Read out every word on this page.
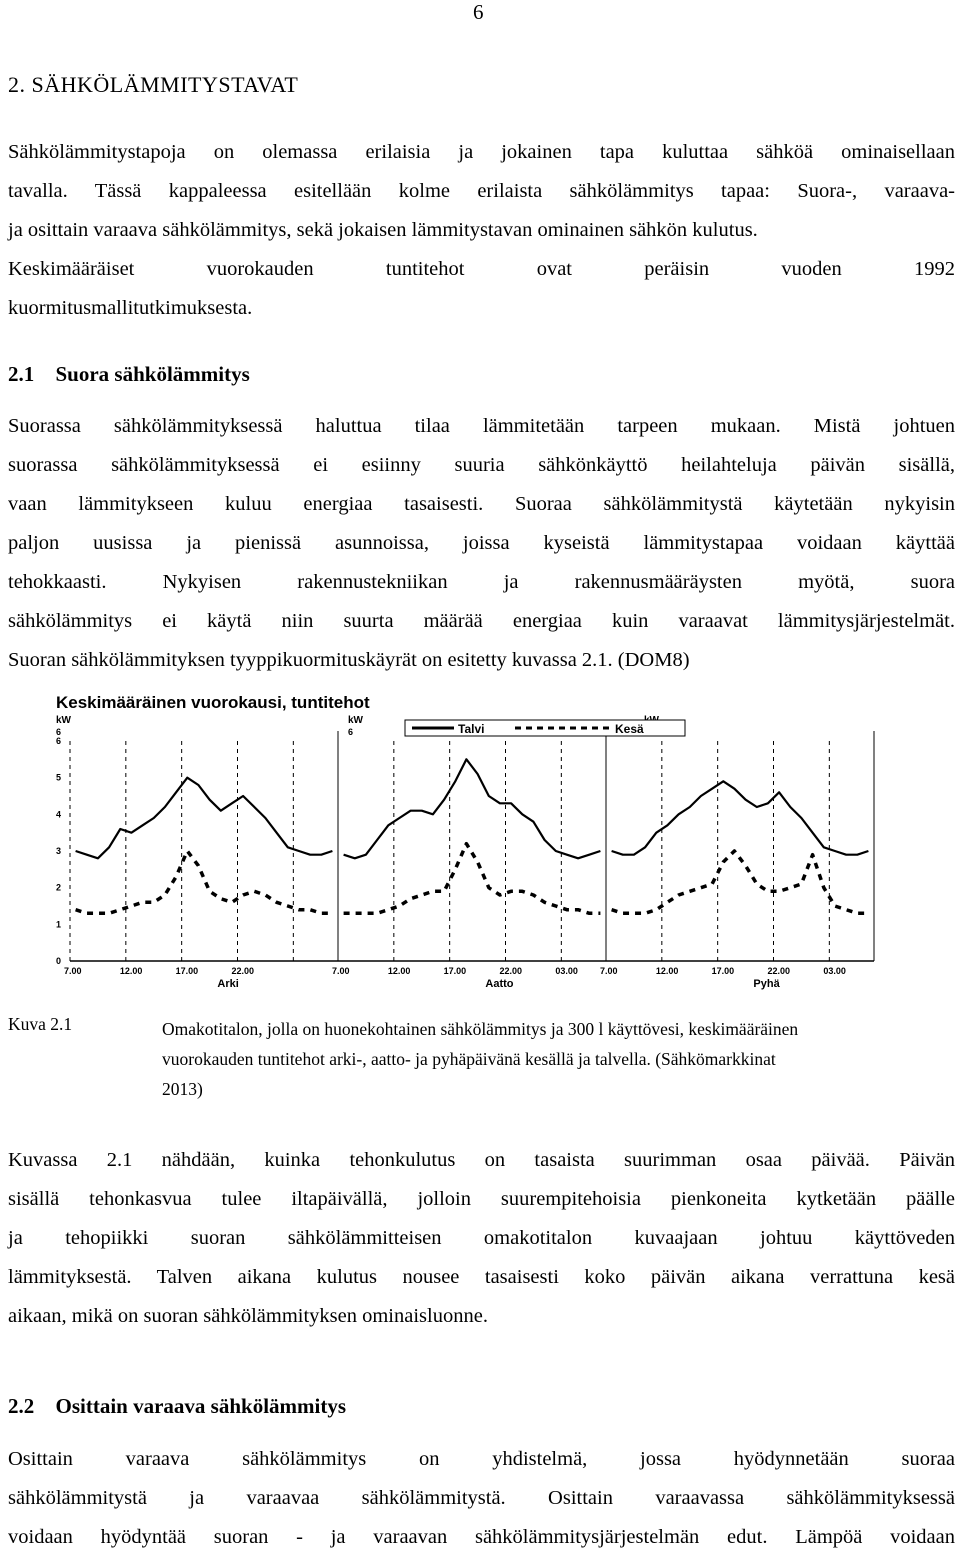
6
2. SÄHKÖLÄMMITYSTAVAT
Sähkölämmitystapoja on olemassa erilaisia ja jokainen tapa kuluttaa sähköä ominaisellaan
tavalla. Tässä kappaleessa esitellään kolme erilaista sähkölämmitys tapaa: Suora-, varaava-
ja osittain varaava sähkölämmitys, sekä jokaisen lämmitystavan ominainen sähkön kulutus.
Keskimääräiset vuorokauden tuntitehot ovat peräisin vuoden 1992
kuormitusmallitutkimuksesta.
2.1 Suora sähkölämmitys
Suorassa sähkölämmityksessä haluttua tilaa lämmitetään tarpeen mukaan. Mistä johtuen
suorassa sähkölämmityksessä ei esiinny suuria sähkönkäyttö heilahteluja päivän sisällä,
vaan lämmitykseen kuluu energiaa tasaisesti. Suoraa sähkölämmitystä käytetään nykyisin
paljon uusissa ja pienissä asunnoissa, joissa kyseistä lämmitystapaa voidaan käyttää
tehokkaasti. Nykyisen rakennustekniikan ja rakennusmääräysten myötä, suora
sähkölämmitys ei käytä niin suurta määrää energiaa kuin varaavat lämmitysjärjestelmät.
Suoran sähkölämmityksen tyyppikuormituskäyrät on esitetty kuvassa 2.1. (DOM8)
Keskimääräinen vuorokausi, tuntitehot
7.00	12.00	17.00	22.00
Arki
7.00	12.00	17.00	22.00	03.00
Aatto
7.00	12.00	17.00	22.00	03.00
Pyhä
0
1
2
3
4
5
6
kW
6
kW
6	Talvi	Kesä
Kuva 2.1	Omakotitalon, jolla on huonekohtainen sähkölämmitys ja 300 l käyttövesi, keskimääräinen
vuorokauden tuntitehot arki-, aatto- ja pyhäpäivänä kesällä ja talvella. (Sähkömarkkinat
2013)
Kuvassa 2.1 nähdään, kuinka tehonkulutus on tasaista suurimman osaa päivää. Päivän
sisällä tehonkasvua tulee iltapäivällä, jolloin suurempitehoisia pienkoneita kytketään päälle
ja tehopiikki suoran sähkölämmitteisen omakotitalon kuvaajaan johtuu käyttöveden
lämmityksestä. Talven aikana kulutus nousee tasaisesti koko päivän aikana verrattuna kesä
aikaan, mikä on suoran sähkölämmityksen ominaisluonne.
2.2 Osittain varaava sähkölämmitys
Osittain varaava sähkölämmitys on yhdistelmä, jossa hyödynnetään suoraa
sähkölämmitystä ja varaavaa sähkölämmitystä. Osittain varaavassa sähkölämmityksessä
voidaan hyödyntää suoran - ja varaavan sähkölämmitysjärjestelmän edut. Lämpöä voidaan
